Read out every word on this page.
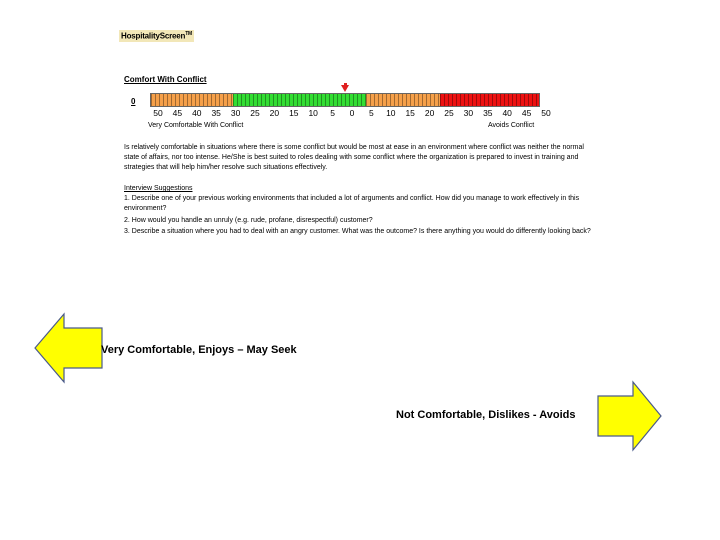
HospitalityScreen™
Comfort With Conflict
0
50 45 40 35 30 25 20 15 10 5 0 5 10 15 20 25 30 35 40 45 50
Very Comfortable With Conflict	Avoids Conflict
Is relatively comfortable in situations where there is some conflict but would be most at ease in an environment where conflict was neither the normal state of affairs, nor too intense. He/She is best suited to roles dealing with some conflict where the organization is prepared to invest in training and strategies that will help him/her resolve such situations effectively.
Interview Suggestions
1. Describe one of your previous working environments that included a lot of arguments and conflict. How did you manage to work effectively in this environment?
2. How would you handle an unruly (e.g. rude, profane, disrespectful) customer?
3. Describe a situation where you had to deal with an angry customer. What was the outcome? Is there anything you would do differently looking back?
Very Comfortable, Enjoys – May Seek
Not Comfortable, Dislikes - Avoids
